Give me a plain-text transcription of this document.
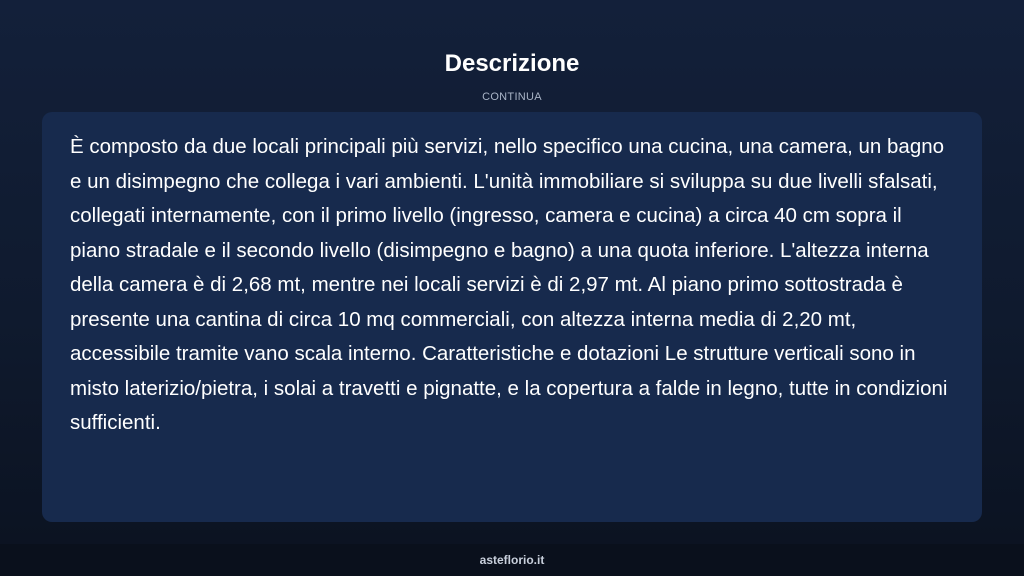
Descrizione
CONTINUA

È composto da due locali principali più servizi, nello specifico una cucina, una camera, un bagno e un disimpegno che collega i vari ambienti. L'unità immobiliare si sviluppa su due livelli sfalsati, collegati internamente, con il primo livello (ingresso, camera e cucina) a circa 40 cm sopra il piano stradale e il secondo livello (disimpegno e bagno) a una quota inferiore. L'altezza interna della camera è di 2,68 mt, mentre nei locali servizi è di 2,97 mt. Al piano primo sottostrada è presente una cantina di circa 10 mq commerciali, con altezza interna media di 2,20 mt, accessibile tramite vano scala interno. Caratteristiche e dotazioni Le strutture verticali sono in misto laterizio/pietra, i solai a travetti e pignatte, e la copertura a falde in legno, tutte in condizioni sufficienti.

asteflorio.it
